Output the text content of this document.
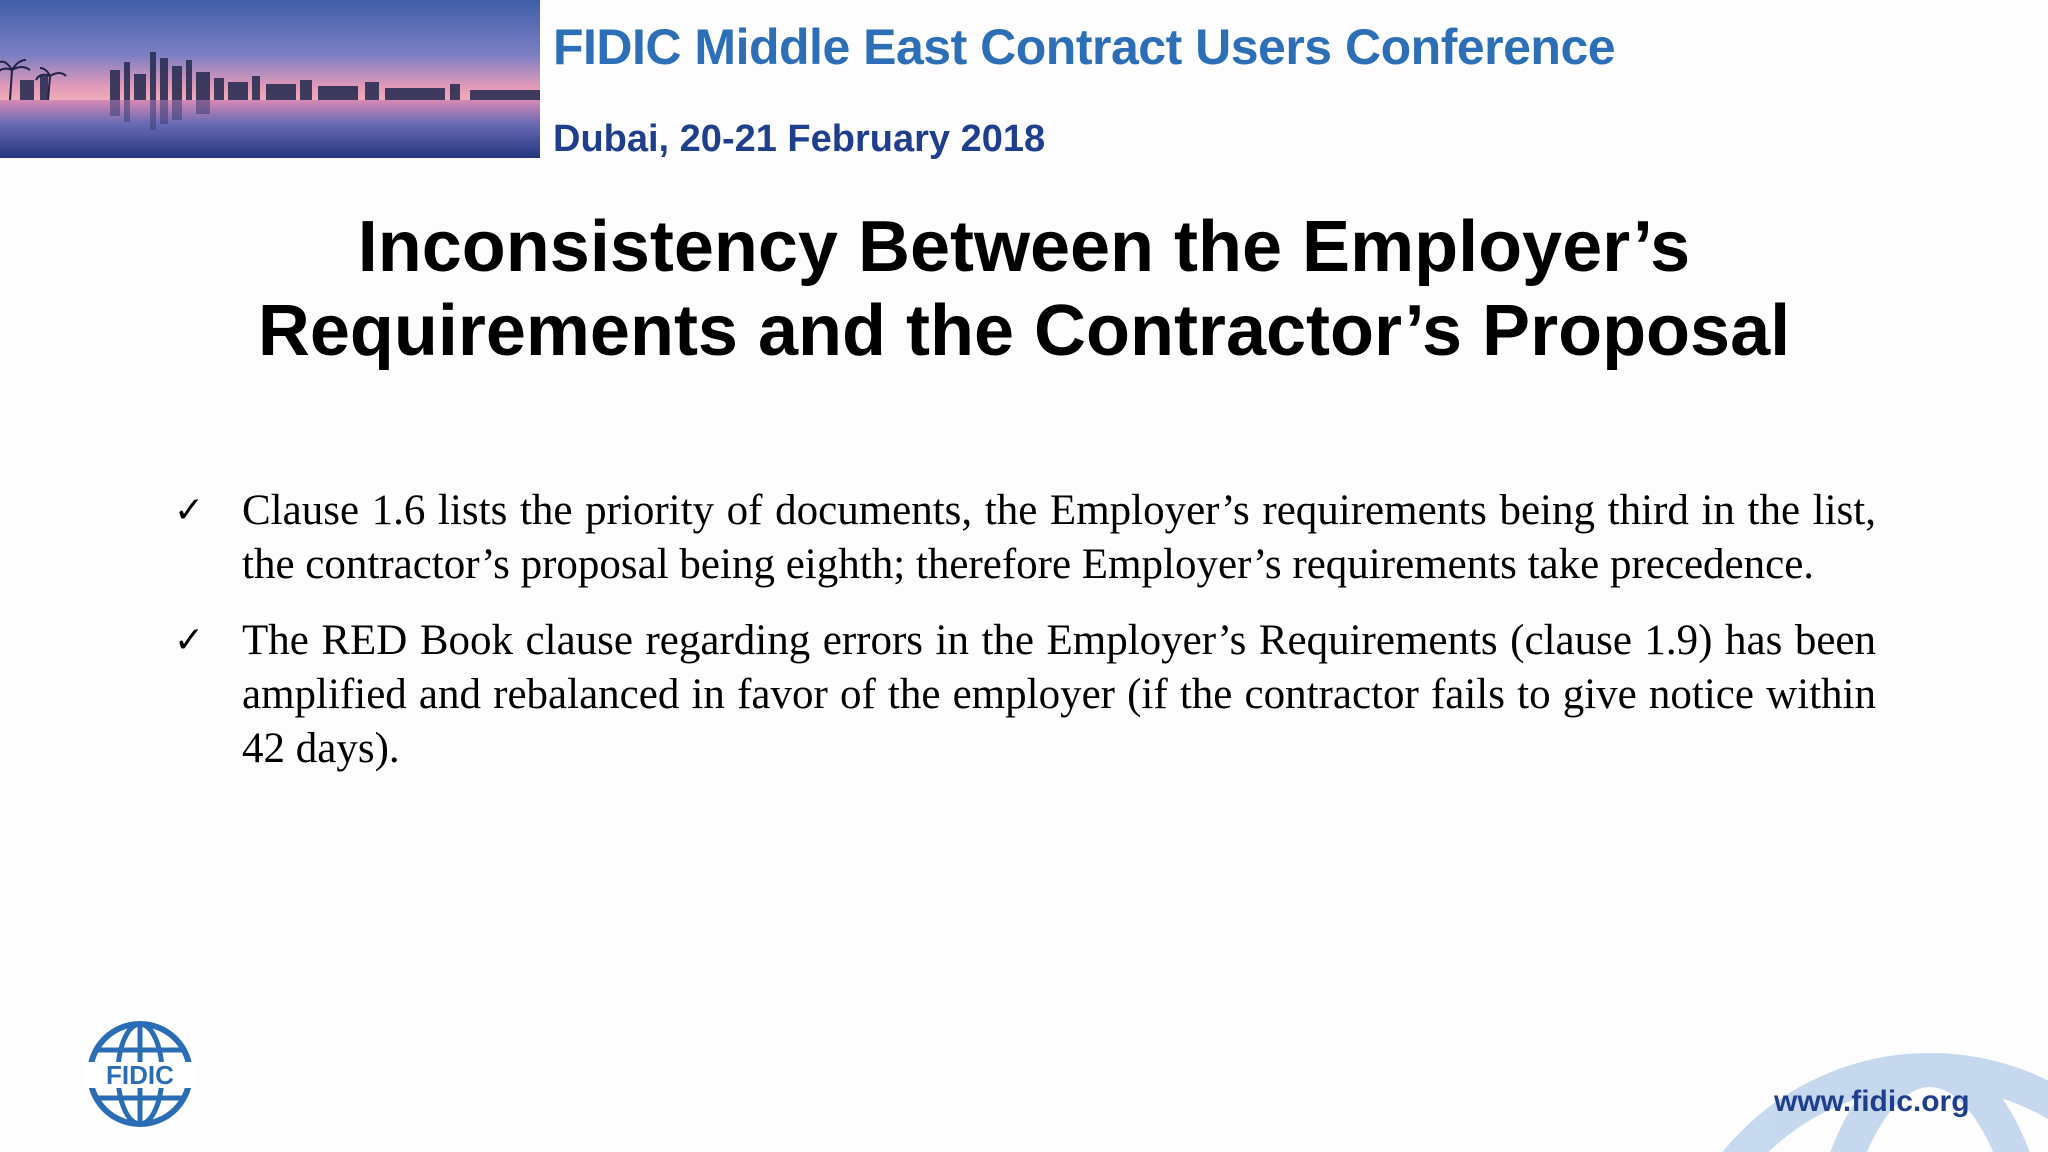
FIDIC Middle East Contract Users Conference
Dubai, 20-21 February 2018
Inconsistency Between the Employer’s
Requirements and the Contractor’s Proposal
✓ Clause 1.6 lists the priority of documents, the Employer’s requirements being third in the list, the contractor’s proposal being eighth; therefore Employer’s requirements take precedence.
✓ The RED Book clause regarding errors in the Employer’s Requirements (clause 1.9) has been amplified and rebalanced in favor of the employer (if the contractor fails to give notice within 42 days).
FIDIC
www.fidic.org
